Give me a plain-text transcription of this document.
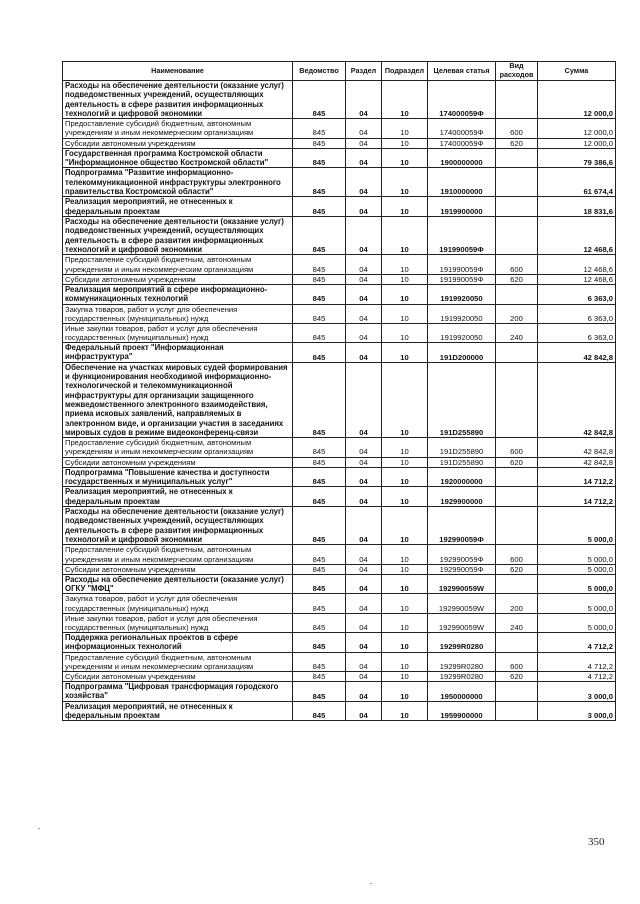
Наименование	Ведомство	Раздел	Подраздел	Целевая статья	Вид расходов	Сумма
Расходы на обеспечение деятельности (оказание услуг) подведомственных учреждений, осуществляющих деятельность в сфере развития информационных технологий и цифровой экономики	845	04	10	174000059Ф		12 000,0
Предоставление субсидий бюджетным, автономным учреждениям и иным некоммерческим организациям	845	04	10	174000059Ф	600	12 000,0
Субсидии автономным учреждениям	845	04	10	174000059Ф	620	12 000,0
Государственная программа Костромской области "Информационное общество Костромской области"	845	04	10	1900000000		79 386,6
Подпрограмма "Развитие информационно-телекоммуникационной инфраструктуры электронного правительства Костромской области"	845	04	10	1910000000		61 674,4
Реализация мероприятий, не отнесенных к федеральным проектам	845	04	10	1919900000		18 831,6
Расходы на обеспечение деятельности (оказание услуг) подведомственных учреждений, осуществляющих деятельность в сфере развития информационных технологий и цифровой экономики	845	04	10	191990059Ф		12 468,6
Предоставление субсидий бюджетным, автономным учреждениям и иным некоммерческим организациям	845	04	10	191990059Ф	600	12 468,6
Субсидии автономным учреждениям	845	04	10	191990059Ф	620	12 468,6
Реализация мероприятий в сфере информационно-коммуникационных технологий	845	04	10	1919920050		6 363,0
Закупка товаров, работ и услуг для обеспечения государственных (муниципальных) нужд	845	04	10	1919920050	200	6 363,0
Иные закупки товаров, работ и услуг для обеспечения государственных (муниципальных) нужд	845	04	10	1919920050	240	6 363,0
Федеральный проект "Информационная инфраструктура"	845	04	10	191D200000		42 842,8
Обеспечение на участках мировых судей формирования и функционирования необходимой информационно-технологической и телекоммуникационной инфраструктуры для организации защищенного межведомственного электронного взаимодействия, приема исковых заявлений, направляемых в электронном виде, и организации участия в заседаниях мировых судов в режиме видеоконференц-связи	845	04	10	191D255890		42 842,8
Предоставление субсидий бюджетным, автономным учреждениям и иным некоммерческим организациям	845	04	10	191D255890	600	42 842,8
Субсидии автономным учреждениям	845	04	10	191D255890	620	42 842,8
Подпрограмма "Повышение качества и доступности государственных и муниципальных услуг"	845	04	10	1920000000		14 712,2
Реализация мероприятий, не отнесенных к федеральным проектам	845	04	10	1929900000		14 712,2
Расходы на обеспечение деятельности (оказание услуг) подведомственных учреждений, осуществляющих деятельность в сфере развития информационных технологий и цифровой экономики	845	04	10	192990059Ф		5 000,0
Предоставление субсидий бюджетным, автономным учреждениям и иным некоммерческим организациям	845	04	10	192990059Ф	600	5 000,0
Субсидии автономным учреждениям	845	04	10	192990059Ф	620	5 000,0
Расходы на обеспечение деятельности (оказание услуг) ОГКУ "МФЦ"	845	04	10	192990059W		5 000,0
Закупка товаров, работ и услуг для обеспечения государственных (муниципальных) нужд	845	04	10	192990059W	200	5 000,0
Иные закупки товаров, работ и услуг для обеспечения государственных (муниципальных) нужд	845	04	10	192990059W	240	5 000,0
Поддержка региональных проектов в сфере информационных технологий	845	04	10	19299R0280		4 712,2
Предоставление субсидий бюджетным, автономным учреждениям и иным некоммерческим организациям	845	04	10	19299R0280	600	4 712,2
Субсидии автономным учреждениям	845	04	10	19299R0280	620	4 712,2
Подпрограмма "Цифровая трансформация городского хозяйства"	845	04	10	1950000000		3 000,0
Реализация мероприятий, не отнесенных к федеральным проектам	845	04	10	1959900000		3 000,0
350
